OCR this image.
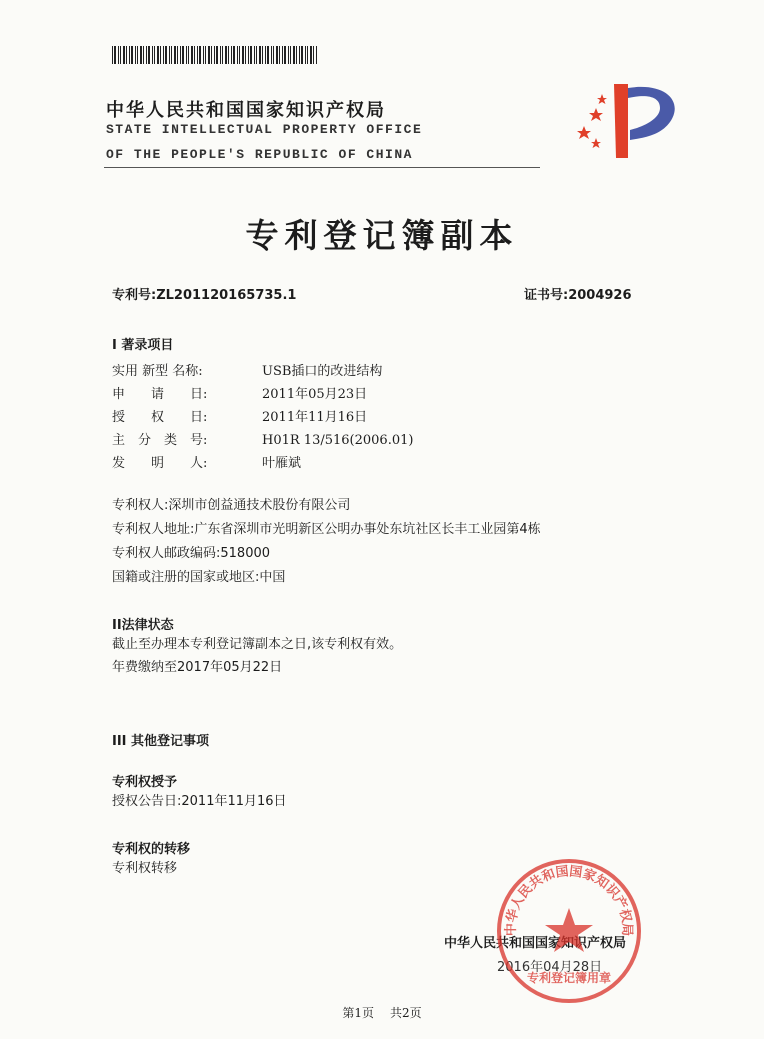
中华人民共和国国家知识产权局
STATE INTELLECTUAL PROPERTY OFFICE
OF THE PEOPLE'S REPUBLIC OF CHINA
专利登记簿副本
专利号:ZL201120165735.1	证书号:2004926
I 著录项目
实用 新型 名称:	USB插口的改进结构
申　　请　　日:	2011年05月23日
授　　权　　日:	2011年11月16日
主　分　类　号:	H01R 13/516(2006.01)
发　　明　　人:	叶雁斌
专利权人:深圳市创益通技术股份有限公司
专利权人地址:广东省深圳市光明新区公明办事处东坑社区长丰工业园第4栋
专利权人邮政编码:518000
国籍或注册的国家或地区:中国
II法律状态
截止至办理本专利登记簿副本之日,该专利权有效。
年费缴纳至2017年05月22日
III 其他登记事项
专利权授予
授权公告日:2011年11月16日
专利权的转移
专利权转移
中华人民共和国国家知识产权局
2016年04月28日
中华人民共和国国家知识产权局
专利登记簿用章
第1页 共2页
